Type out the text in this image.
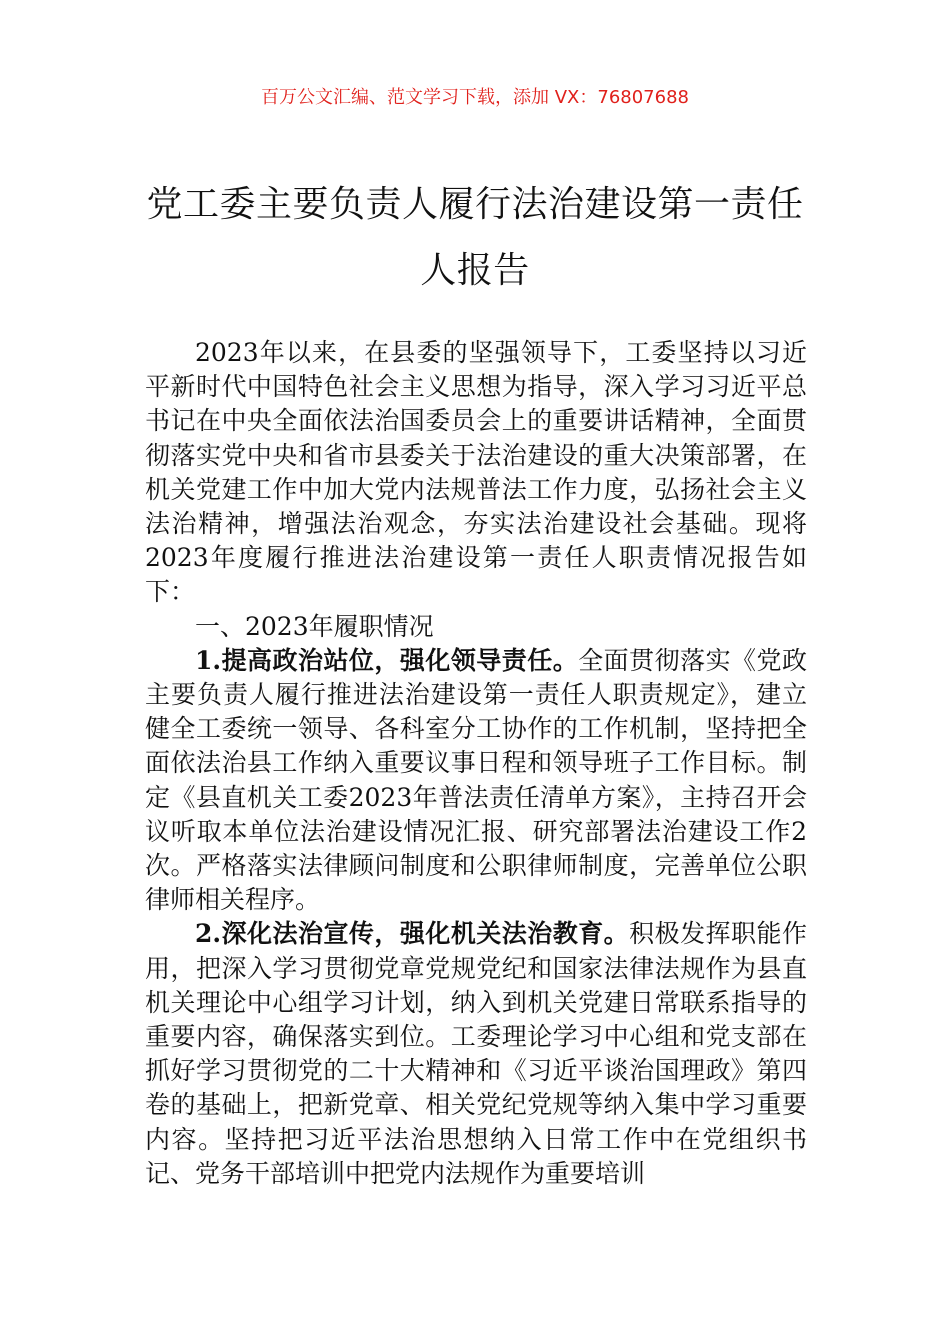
百万公文汇编、范文学习下载，添加 VX：76807688
党工委主要负责人履行法治建设第一责任人报告

2023年以来，在县委的坚强领导下，工委坚持以习近平新时代中国特色社会主义思想为指导，深入学习习近平总书记在中央全面依法治国委员会上的重要讲话精神，全面贯彻落实党中央和省市县委关于法治建设的重大决策部署，在机关党建工作中加大党内法规普法工作力度，弘扬社会主义法治精神，增强法治观念，夯实法治建设社会基础。现将2023年度履行推进法治建设第一责任人职责情况报告如下：

一、2023年履职情况

1.提高政治站位，强化领导责任。全面贯彻落实《党政主要负责人履行推进法治建设第一责任人职责规定》，建立健全工委统一领导、各科室分工协作的工作机制，坚持把全面依法治县工作纳入重要议事日程和领导班子工作目标。制定《县直机关工委2023年普法责任清单方案》，主持召开会议听取本单位法治建设情况汇报、研究部署法治建设工作2次。严格落实法律顾问制度和公职律师制度，完善单位公职律师相关程序。

2.深化法治宣传，强化机关法治教育。积极发挥职能作用，把深入学习贯彻党章党规党纪和国家法律法规作为县直机关理论中心组学习计划，纳入到机关党建日常联系指导的重要内容，确保落实到位。工委理论学习中心组和党支部在抓好学习贯彻党的二十大精神和《习近平谈治国理政》第四卷的基础上，把新党章、相关党纪党规等纳入集中学习重要内容。坚持把习近平法治思想纳入日常工作中在党组织书记、党务干部培训中把党内法规作为重要培训
